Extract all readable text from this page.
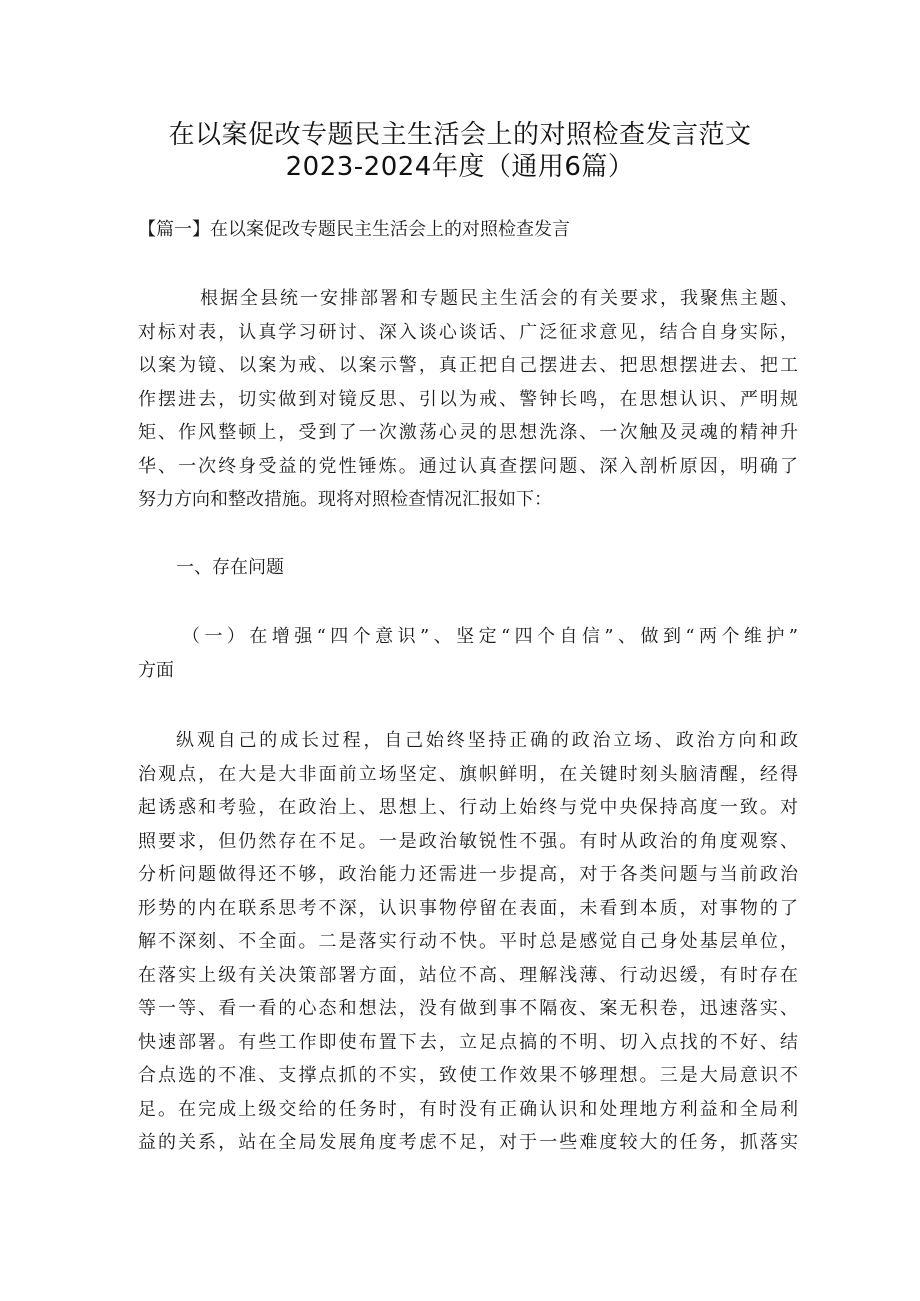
在以案促改专题民主生活会上的对照检查发言范文
2023-2024年度（通用6篇）
【篇一】在以案促改专题民主生活会上的对照检查发言
根据全县统一安排部署和专题民主生活会的有关要求，我聚焦主题、
对标对表，认真学习研讨、深入谈心谈话、广泛征求意见，结合自身实际，
以案为镜、以案为戒、以案示警，真正把自己摆进去、把思想摆进去、把工
作摆进去，切实做到对镜反思、引以为戒、警钟长鸣，在思想认识、严明规
矩、作风整顿上，受到了一次激荡心灵的思想洗涤、一次触及灵魂的精神升
华、一次终身受益的党性锤炼。通过认真查摆问题、深入剖析原因，明确了
努力方向和整改措施。现将对照检查情况汇报如下：
一、存在问题
（一）在增强“四个意识”、坚定“四个自信”、做到“两个维护”
方面
纵观自己的成长过程，自己始终坚持正确的政治立场、政治方向和政
治观点，在大是大非面前立场坚定、旗帜鲜明，在关键时刻头脑清醒，经得
起诱惑和考验，在政治上、思想上、行动上始终与党中央保持高度一致。对
照要求，但仍然存在不足。一是政治敏锐性不强。有时从政治的角度观察、
分析问题做得还不够，政治能力还需进一步提高，对于各类问题与当前政治
形势的内在联系思考不深，认识事物停留在表面，未看到本质，对事物的了
解不深刻、不全面。二是落实行动不快。平时总是感觉自己身处基层单位，
在落实上级有关决策部署方面，站位不高、理解浅薄、行动迟缓，有时存在
等一等、看一看的心态和想法，没有做到事不隔夜、案无积卷，迅速落实、
快速部署。有些工作即使布置下去，立足点搞的不明、切入点找的不好、结
合点选的不准、支撑点抓的不实，致使工作效果不够理想。三是大局意识不
足。在完成上级交给的任务时，有时没有正确认识和处理地方利益和全局利
益的关系，站在全局发展角度考虑不足，对于一些难度较大的任务，抓落实
